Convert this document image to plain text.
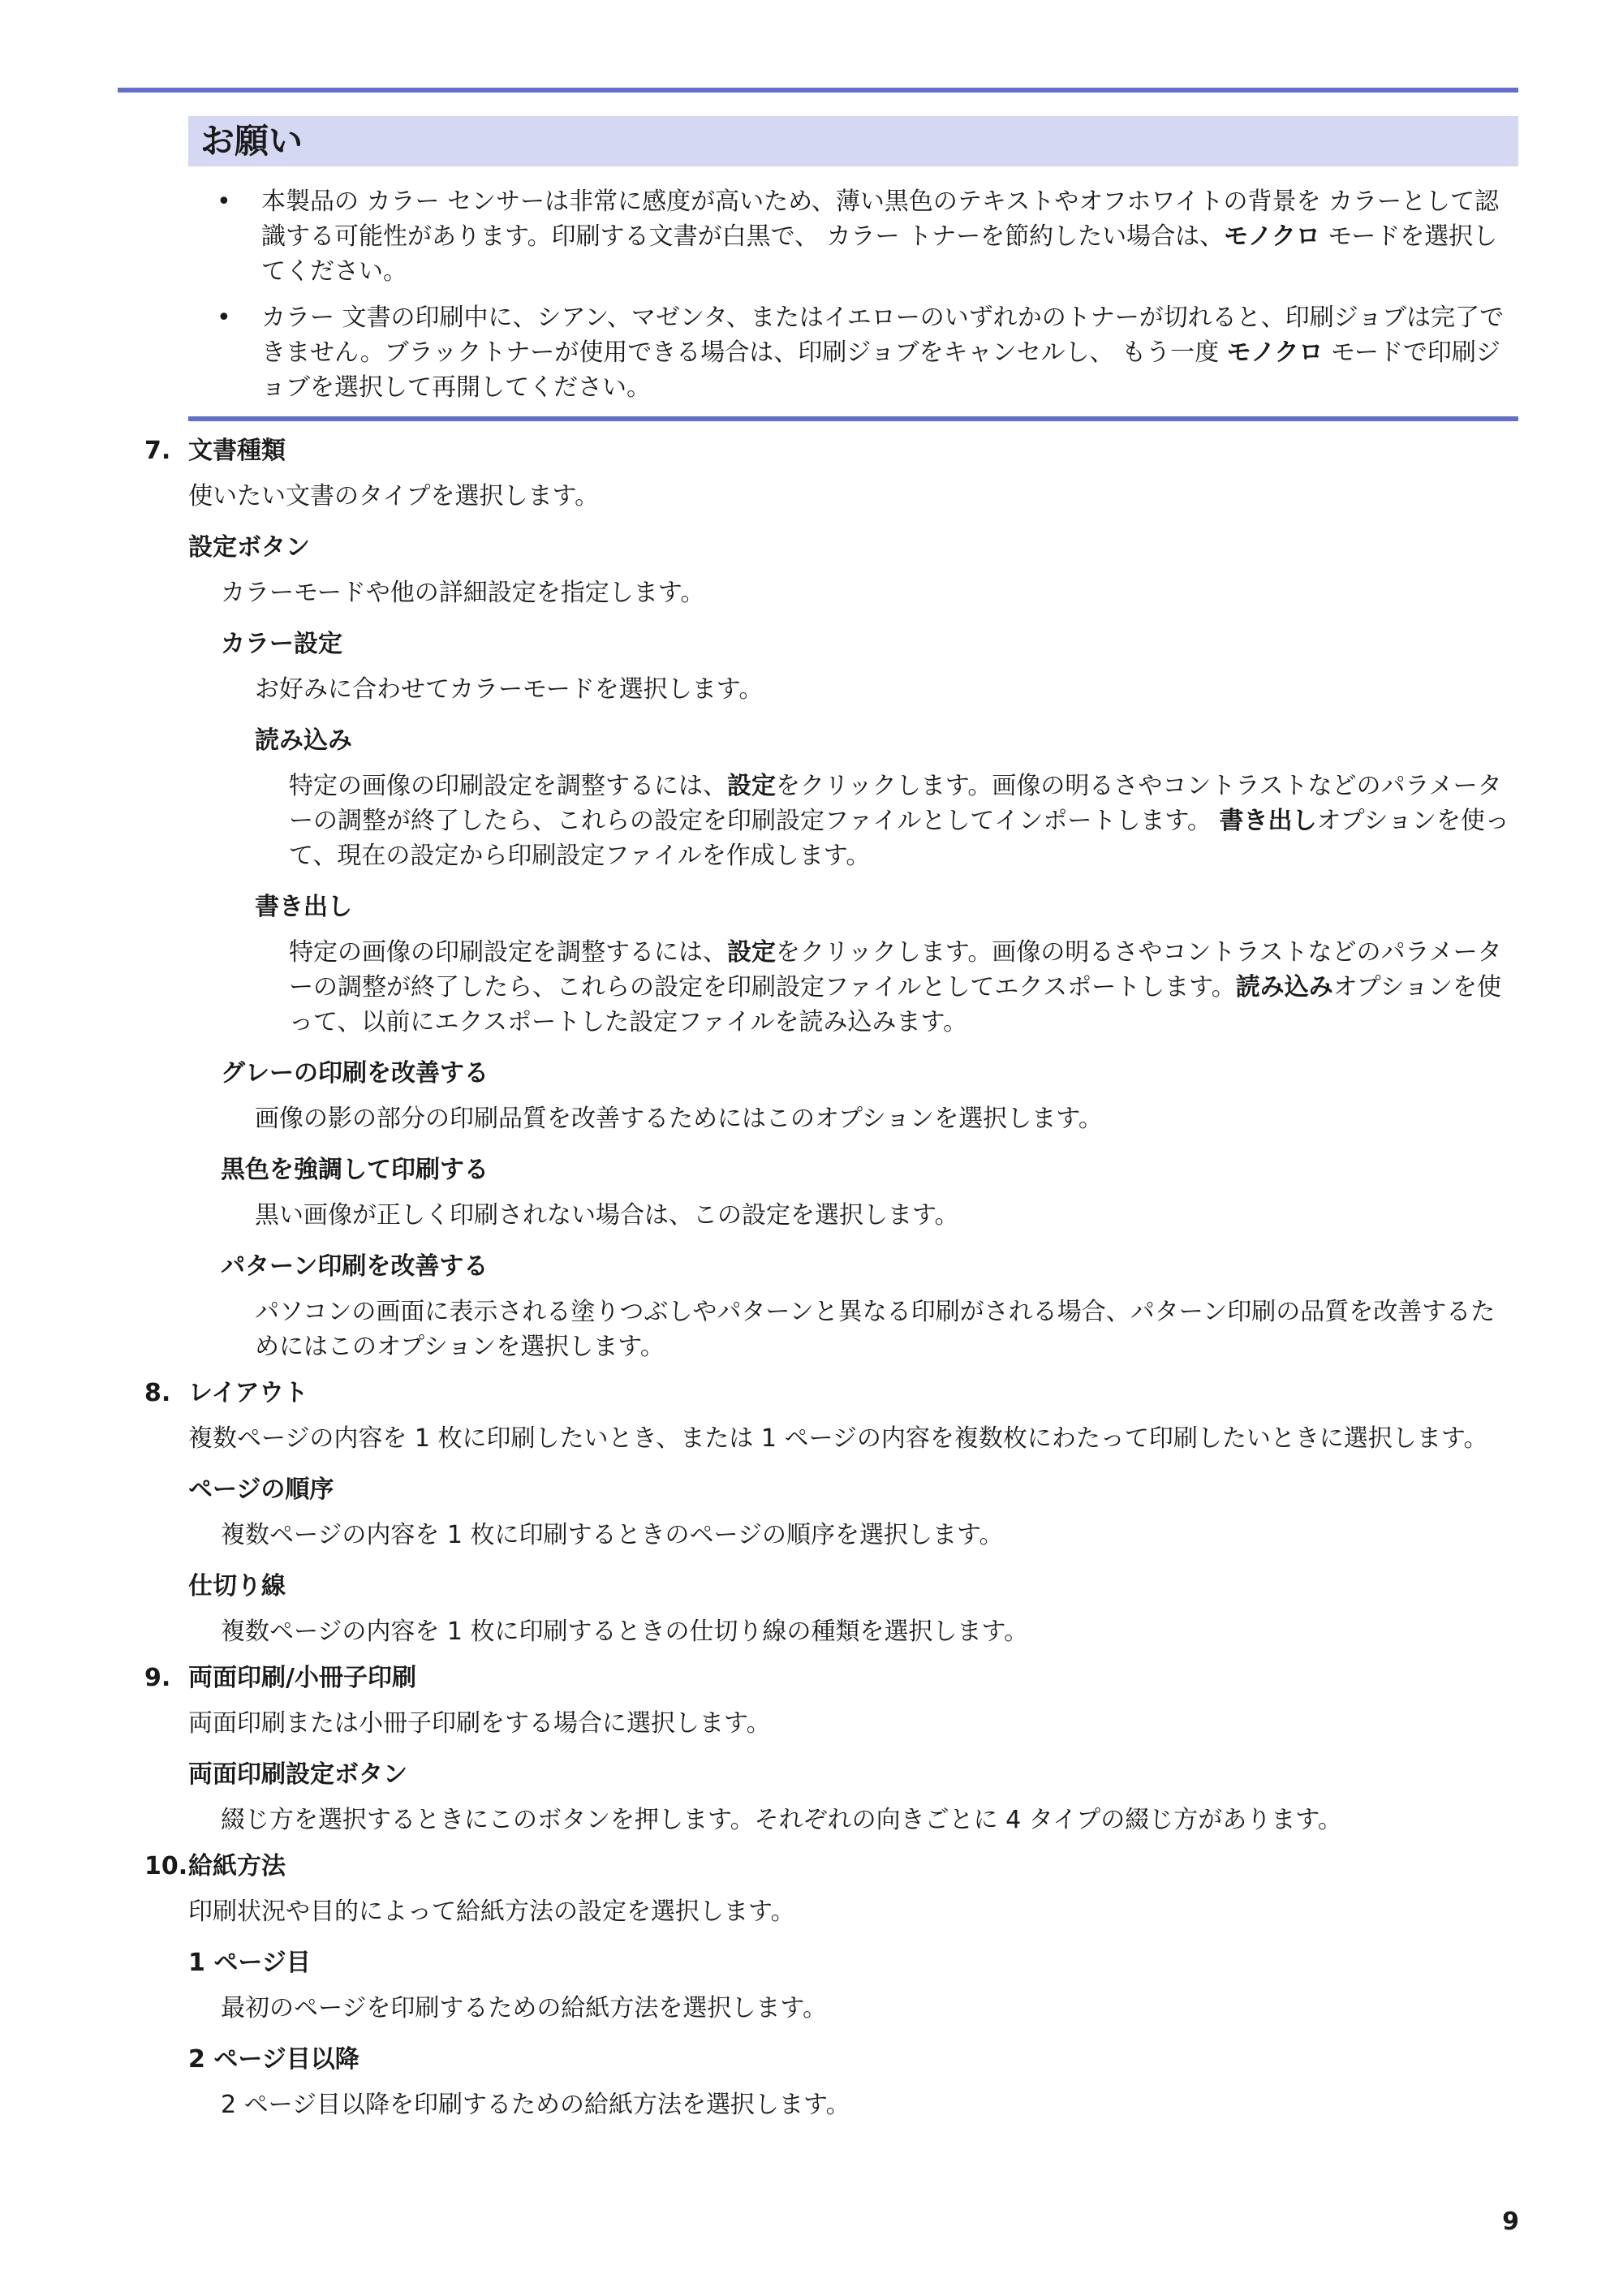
お願い
• 本製品の カラー センサーは非常に感度が高いため、薄い黒色のテキストやオフホワイトの背景を カラーとして認識する可能性があります。印刷する文書が白黒で、 カラー トナーを節約したい場合は、モノクロ モードを選択してください。
• カラー 文書の印刷中に、シアン、マゼンタ、またはイエローのいずれかのトナーが切れると、印刷ジョブは完了できません。ブラックトナーが使用できる場合は、印刷ジョブをキャンセルし、 もう一度 モノクロ モードで印刷ジョブを選択して再開してください。
7. 文書種類
使いたい文書のタイプを選択します。
設定ボタン
カラーモードや他の詳細設定を指定します。
カラー設定
お好みに合わせてカラーモードを選択します。
読み込み
特定の画像の印刷設定を調整するには、設定をクリックします。画像の明るさやコントラストなどのパラメーターの調整が終了したら、これらの設定を印刷設定ファイルとしてインポートします。 書き出しオプションを使って、現在の設定から印刷設定ファイルを作成します。
書き出し
特定の画像の印刷設定を調整するには、設定をクリックします。画像の明るさやコントラストなどのパラメーターの調整が終了したら、これらの設定を印刷設定ファイルとしてエクスポートします。読み込みオプションを使って、以前にエクスポートした設定ファイルを読み込みます。
グレーの印刷を改善する
画像の影の部分の印刷品質を改善するためにはこのオプションを選択します。
黒色を強調して印刷する
黒い画像が正しく印刷されない場合は、この設定を選択します。
パターン印刷を改善する
パソコンの画面に表示される塗りつぶしやパターンと異なる印刷がされる場合、パターン印刷の品質を改善するためにはこのオプションを選択します。
8. レイアウト
複数ページの内容を 1 枚に印刷したいとき、または 1 ページの内容を複数枚にわたって印刷したいときに選択します。
ページの順序
複数ページの内容を 1 枚に印刷するときのページの順序を選択します。
仕切り線
複数ページの内容を 1 枚に印刷するときの仕切り線の種類を選択します。
9. 両面印刷/小冊子印刷
両面印刷または小冊子印刷をする場合に選択します。
両面印刷設定ボタン
綴じ方を選択するときにこのボタンを押します。それぞれの向きごとに 4 タイプの綴じ方があります。
10. 給紙方法
印刷状況や目的によって給紙方法の設定を選択します。
1 ページ目
最初のページを印刷するための給紙方法を選択します。
2 ページ目以降
2 ページ目以降を印刷するための給紙方法を選択します。
9
